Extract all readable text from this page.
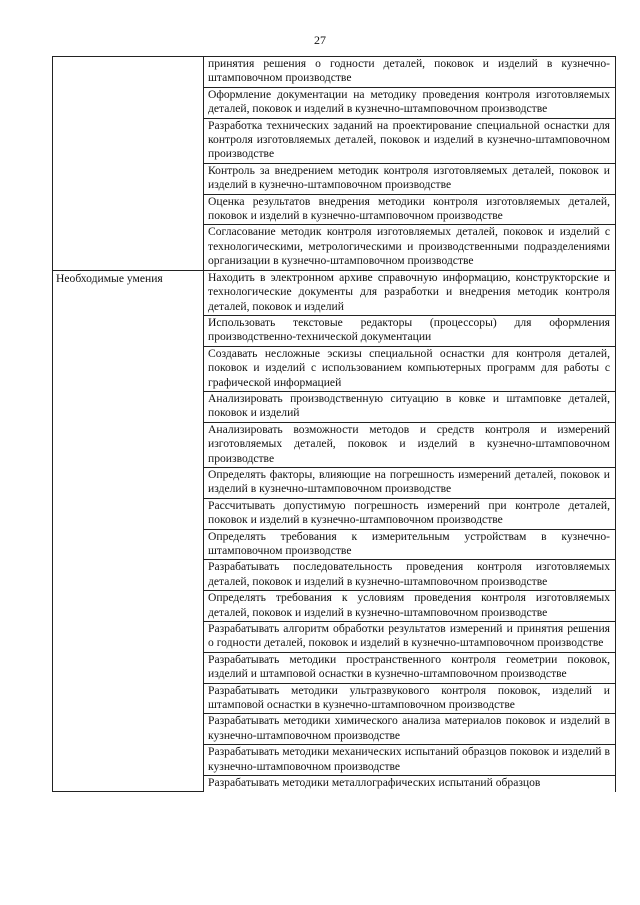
27
	принятия решения о годности деталей, поковок и изделий в кузнечно-штамповочном производстве
	Оформление документации на методику проведения контроля изготовляемых деталей, поковок и изделий в кузнечно-штамповочном производстве
	Разработка технических заданий на проектирование специальной оснастки для контроля изготовляемых деталей, поковок и изделий в кузнечно-штамповочном производстве
	Контроль за внедрением методик контроля изготовляемых деталей, поковок и изделий в кузнечно-штамповочном производстве
	Оценка результатов внедрения методики контроля изготовляемых деталей, поковок и изделий в кузнечно-штамповочном производстве
	Согласование методик контроля изготовляемых деталей, поковок и изделий с технологическими, метрологическими и производственными подразделениями организации в кузнечно-штамповочном производстве
Необходимые умения	Находить в электронном архиве справочную информацию, конструкторские и технологические документы для разработки и внедрения методик контроля деталей, поковок и изделий
	Использовать текстовые редакторы (процессоры) для оформления производственно-технической документации
	Создавать несложные эскизы специальной оснастки для контроля деталей, поковок и изделий с использованием компьютерных программ для работы с графической информацией
	Анализировать производственную ситуацию в ковке и штамповке деталей, поковок и изделий
	Анализировать возможности методов и средств контроля и измерений изготовляемых деталей, поковок и изделий в кузнечно-штамповочном производстве
	Определять факторы, влияющие на погрешность измерений деталей, поковок и изделий в кузнечно-штамповочном производстве
	Рассчитывать допустимую погрешность измерений при контроле деталей, поковок и изделий в кузнечно-штамповочном производстве
	Определять требования к измерительным устройствам в кузнечно-штамповочном производстве
	Разрабатывать последовательность проведения контроля изготовляемых деталей, поковок и изделий в кузнечно-штамповочном производстве
	Определять требования к условиям проведения контроля изготовляемых деталей, поковок и изделий в кузнечно-штамповочном производстве
	Разрабатывать алгоритм обработки результатов измерений и принятия решения о годности деталей, поковок и изделий в кузнечно-штамповочном производстве
	Разрабатывать методики пространственного контроля геометрии поковок, изделий и штамповой оснастки в кузнечно-штамповочном производстве
	Разрабатывать методики ультразвукового контроля поковок, изделий и штамповой оснастки в кузнечно-штамповочном производстве
	Разрабатывать методики химического анализа материалов поковок и изделий в кузнечно-штамповочном производстве
	Разрабатывать методики механических испытаний образцов поковок и изделий в кузнечно-штамповочном производстве
	Разрабатывать методики металлографических испытаний образцов
